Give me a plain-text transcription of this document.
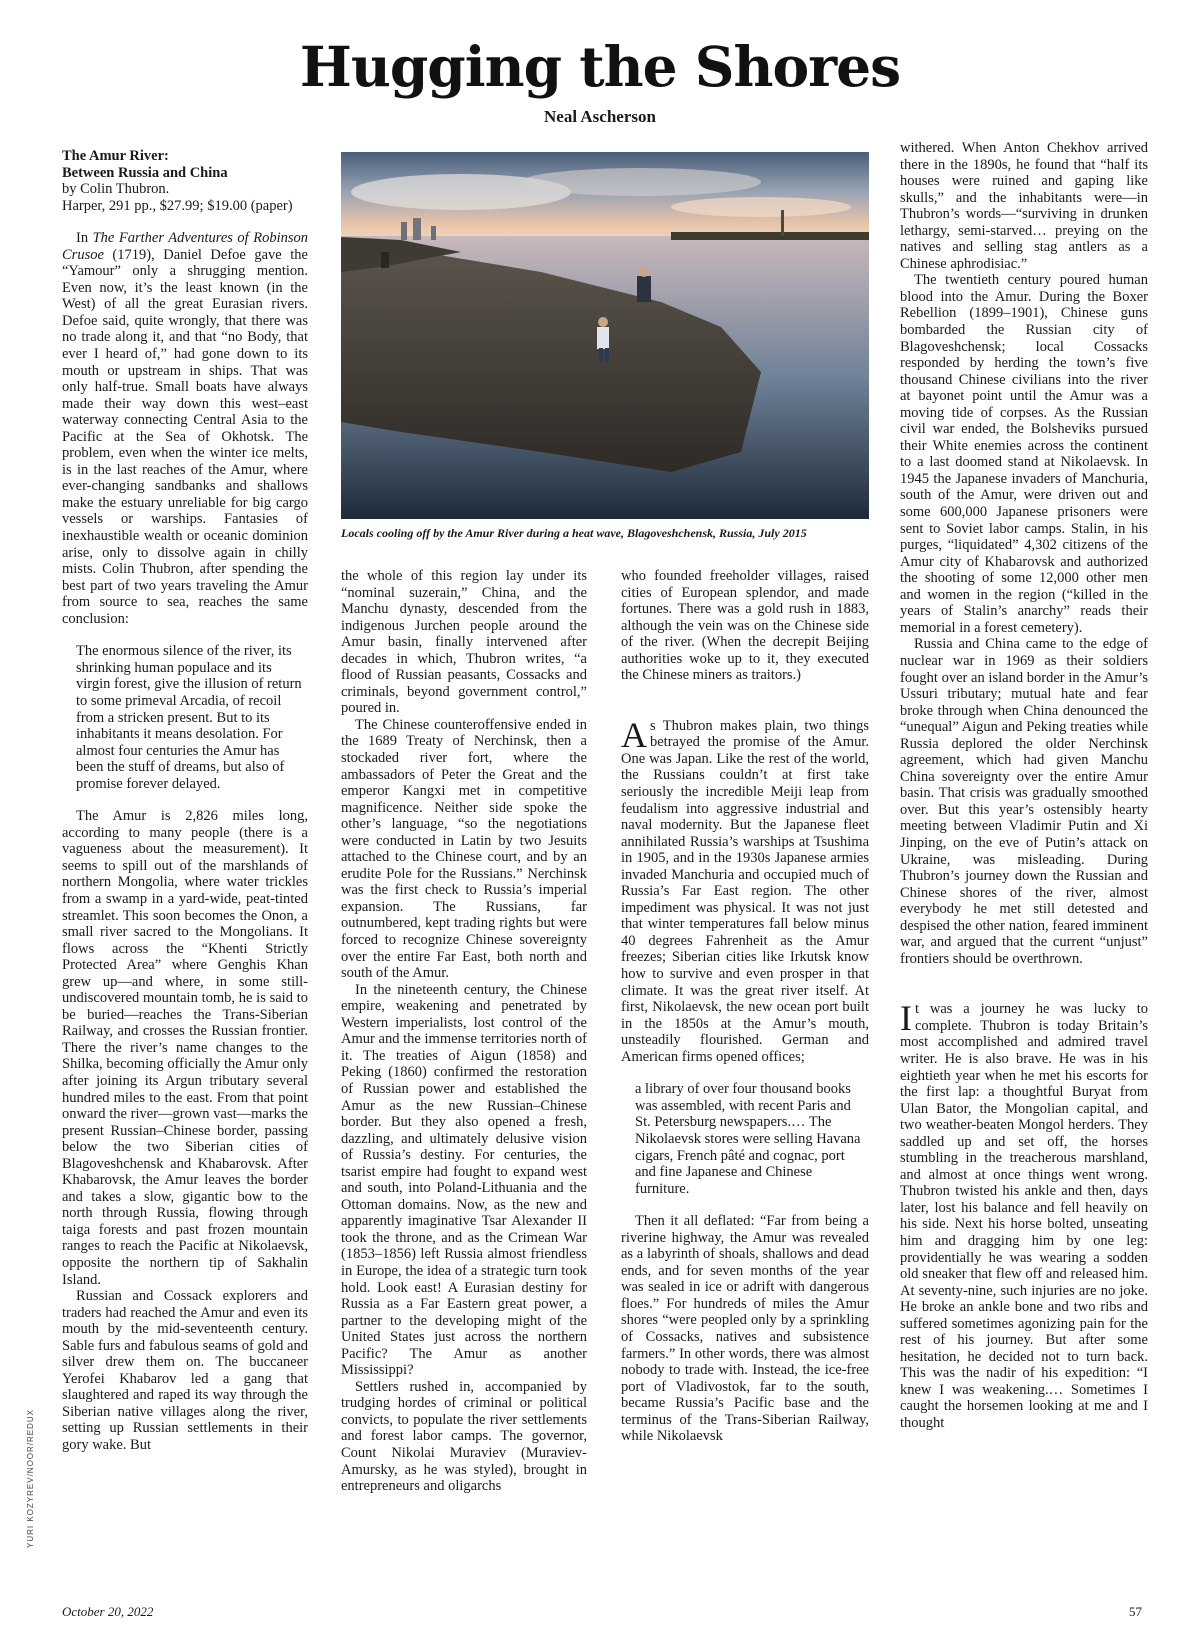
Hugging the Shores
Neal Ascherson
The Amur River:
Between Russia and China
by Colin Thubron.
Harper, 291 pp., $27.99; $19.00 (paper)

In The Farther Adventures of Robinson Crusoe (1719), Daniel Defoe gave the “Yamour” only a shrugging mention. Even now, it’s the least known (in the West) of all the great Eurasian rivers. Defoe said, quite wrongly, that there was no trade along it, and that “no Body, that ever I heard of,” had gone down to its mouth or upstream in ships. That was only half-true. Small boats have always made their way down this west–east waterway connecting Central Asia to the Pacific at the Sea of Okhotsk. The problem, even when the winter ice melts, is in the last reaches of the Amur, where ever-changing sandbanks and shallows make the estuary unreliable for big cargo vessels or warships. Fantasies of inexhaustible wealth or oceanic dominion arise, only to dissolve again in chilly mists. Colin Thubron, after spending the best part of two years traveling the Amur from source to sea, reaches the same conclusion:

The enormous silence of the river, its shrinking human populace and its virgin forest, give the illusion of return to some primeval Arcadia, of recoil from a stricken present. But to its inhabitants it means desolation. For almost four centuries the Amur has been the stuff of dreams, but also of promise forever delayed.

The Amur is 2,826 miles long, according to many people (there is a vagueness about the measurement). It seems to spill out of the marshlands of northern Mongolia, where water trickles from a swamp in a yard-wide, peat-tinted streamlet. This soon becomes the Onon, a small river sacred to the Mongolians. It flows across the “Khenti Strictly Protected Area” where Genghis Khan grew up—and where, in some still-undiscovered mountain tomb, he is said to be buried—reaches the Trans-Siberian Railway, and crosses the Russian frontier. There the river’s name changes to the Shilka, becoming officially the Amur only after joining its Argun tributary several hundred miles to the east. From that point onward the river—grown vast—marks the present Russian–Chinese border, passing below the two Siberian cities of Blagoveshchensk and Khabarovsk. After Khabarovsk, the Amur leaves the border and takes a slow, gigantic bow to the north through Russia, flowing through taiga forests and past frozen mountain ranges to reach the Pacific at Nikolaevsk, opposite the northern tip of Sakhalin Island.

Russian and Cossack explorers and traders had reached the Amur and even its mouth by the mid-seventeenth century. Sable furs and fabulous seams of gold and silver drew them on. The buccaneer Yerofei Khabarov led a gang that slaughtered and raped its way through the Siberian native villages along the river, setting up Russian settlements in their gory wake. But

Locals cooling off by the Amur River during a heat wave, Blagoveshchensk, Russia, July 2015

the whole of this region lay under its “nominal suzerain,” China, and the Manchu dynasty, descended from the indigenous Jurchen people around the Amur basin, finally intervened after decades in which, Thubron writes, “a flood of Russian peasants, Cossacks and criminals, beyond government control,” poured in.

The Chinese counteroffensive ended in the 1689 Treaty of Nerchinsk, then a stockaded river fort, where the ambassadors of Peter the Great and the emperor Kangxi met in competitive magnificence. Neither side spoke the other’s language, “so the negotiations were conducted in Latin by two Jesuits attached to the Chinese court, and by an erudite Pole for the Russians.” Nerchinsk was the first check to Russia’s imperial expansion. The Russians, far outnumbered, kept trading rights but were forced to recognize Chinese sovereignty over the entire Far East, both north and south of the Amur.

In the nineteenth century, the Chinese empire, weakening and penetrated by Western imperialists, lost control of the Amur and the immense territories north of it. The treaties of Aigun (1858) and Peking (1860) confirmed the restoration of Russian power and established the Amur as the new Russian–Chinese border. But they also opened a fresh, dazzling, and ultimately delusive vision of Russia’s destiny. For centuries, the tsarist empire had fought to expand west and south, into Poland-Lithuania and the Ottoman domains. Now, as the new and apparently imaginative Tsar Alexander II took the throne, and as the Crimean War (1853–1856) left Russia almost friendless in Europe, the idea of a strategic turn took hold. Look east! A Eurasian destiny for Russia as a Far Eastern great power, a partner to the developing might of the United States just across the northern Pacific? The Amur as another Mississippi?

Settlers rushed in, accompanied by trudging hordes of criminal or political convicts, to populate the river settlements and forest labor camps. The governor, Count Nikolai Muraviev (Muraviev-Amursky, as he was styled), brought in entrepreneurs and oligarchs

who founded freeholder villages, raised cities of European splendor, and made fortunes. There was a gold rush in 1883, although the vein was on the Chinese side of the river. (When the decrepit Beijing authorities woke up to it, they executed the Chinese miners as traitors.)

As Thubron makes plain, two things betrayed the promise of the Amur. One was Japan. Like the rest of the world, the Russians couldn’t at first take seriously the incredible Meiji leap from feudalism into aggressive industrial and naval modernity. But the Japanese fleet annihilated Russia’s warships at Tsushima in 1905, and in the 1930s Japanese armies invaded Manchuria and occupied much of Russia’s Far East region. The other impediment was physical. It was not just that winter temperatures fall below minus 40 degrees Fahrenheit as the Amur freezes; Siberian cities like Irkutsk know how to survive and even prosper in that climate. It was the great river itself. At first, Nikolaevsk, the new ocean port built in the 1850s at the Amur’s mouth, unsteadily flourished. German and American firms opened offices;

a library of over four thousand books was assembled, with recent Paris and St. Petersburg newspapers.… The Nikolaevsk stores were selling Havana cigars, French pâté and cognac, port and fine Japanese and Chinese furniture.

Then it all deflated: “Far from being a riverine highway, the Amur was revealed as a labyrinth of shoals, shallows and dead ends, and for seven months of the year was sealed in ice or adrift with dangerous floes.” For hundreds of miles the Amur shores “were peopled only by a sprinkling of Cossacks, natives and subsistence farmers.” In other words, there was almost nobody to trade with. Instead, the ice-free port of Vladivostok, far to the south, became Russia’s Pacific base and the terminus of the Trans-Siberian Railway, while Nikolaevsk

withered. When Anton Chekhov arrived there in the 1890s, he found that “half its houses were ruined and gaping like skulls,” and the inhabitants were—in Thubron’s words—“surviving in drunken lethargy, semi-starved… preying on the natives and selling stag antlers as a Chinese aphrodisiac.”

The twentieth century poured human blood into the Amur. During the Boxer Rebellion (1899–1901), Chinese guns bombarded the Russian city of Blagoveshchensk; local Cossacks responded by herding the town’s five thousand Chinese civilians into the river at bayonet point until the Amur was a moving tide of corpses. As the Russian civil war ended, the Bolsheviks pursued their White enemies across the continent to a last doomed stand at Nikolaevsk. In 1945 the Japanese invaders of Manchuria, south of the Amur, were driven out and some 600,000 Japanese prisoners were sent to Soviet labor camps. Stalin, in his purges, “liquidated” 4,302 citizens of the Amur city of Khabarovsk and authorized the shooting of some 12,000 other men and women in the region (“killed in the years of Stalin’s anarchy” reads their memorial in a forest cemetery).

Russia and China came to the edge of nuclear war in 1969 as their soldiers fought over an island border in the Amur’s Ussuri tributary; mutual hate and fear broke through when China denounced the “unequal” Aigun and Peking treaties while Russia deplored the older Nerchinsk agreement, which had given Manchu China sovereignty over the entire Amur basin. That crisis was gradually smoothed over. But this year’s ostensibly hearty meeting between Vladimir Putin and Xi Jinping, on the eve of Putin’s attack on Ukraine, was misleading. During Thubron’s journey down the Russian and Chinese shores of the river, almost everybody he met still detested and despised the other nation, feared imminent war, and argued that the current “unjust” frontiers should be overthrown.

It was a journey he was lucky to complete. Thubron is today Britain’s most accomplished and admired travel writer. He is also brave. He was in his eightieth year when he met his escorts for the first lap: a thoughtful Buryat from Ulan Bator, the Mongolian capital, and two weather-beaten Mongol herders. They saddled up and set off, the horses stumbling in the treacherous marshland, and almost at once things went wrong. Thubron twisted his ankle and then, days later, lost his balance and fell heavily on his side. Next his horse bolted, unseating him and dragging him by one leg: providentially he was wearing a sodden old sneaker that flew off and released him. At seventy-nine, such injuries are no joke. He broke an ankle bone and two ribs and suffered sometimes agonizing pain for the rest of his journey. But after some hesitation, he decided not to turn back. This was the nadir of his expedition: “I knew I was weakening.… Sometimes I caught the horsemen looking at me and I thought

YURI KOZYREV/NOOR/REDUX
October 20, 2022	57
